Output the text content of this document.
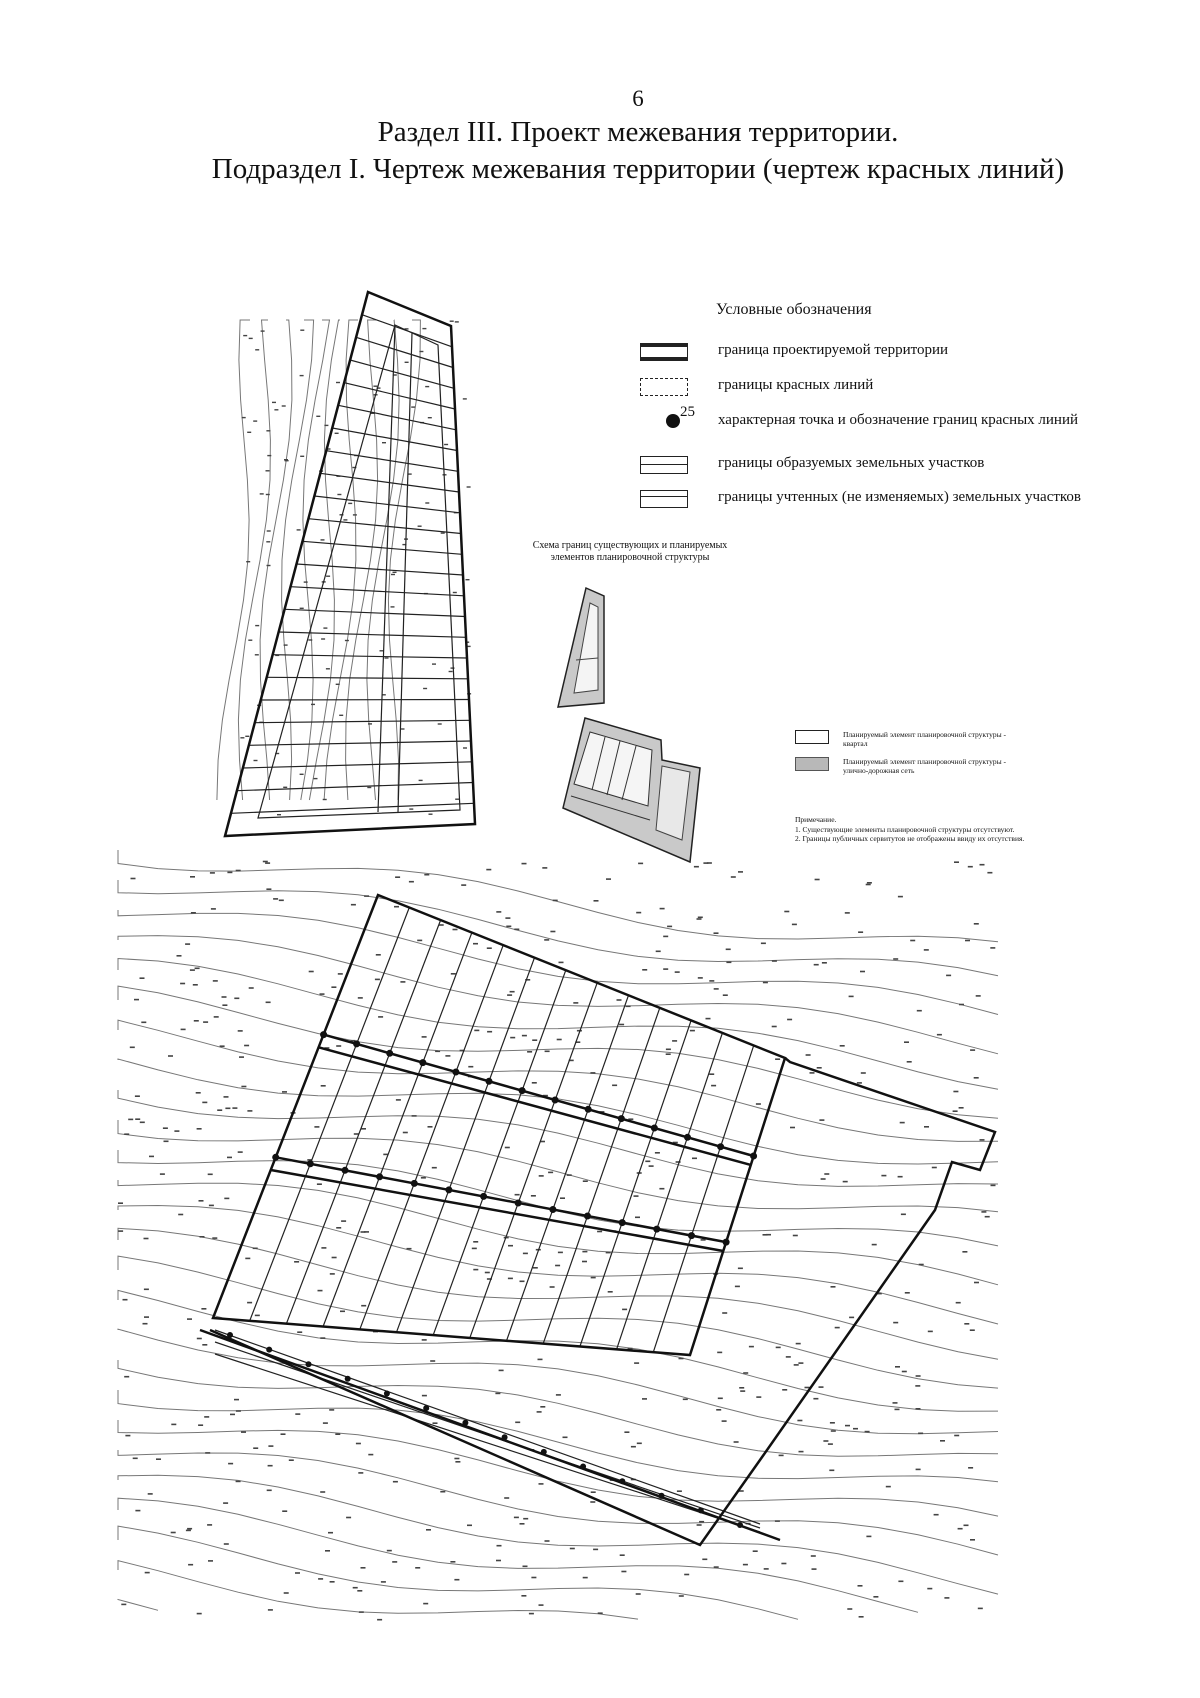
6
Раздел III. Проект межевания территории.
Подраздел I. Чертеж межевания территории (чертеж красных линий)
Условные обозначения
граница проектируемой территории
границы красных линий
25 характерная точка и обозначение границ красных линий
границы образуемых земельных участков
границы учтенных (не изменяемых) земельных участков
Схема границ существующих и планируемых
элементов планировочной структуры
Планируемый элемент планировочной структуры -
квартал
Планируемый элемент планировочной структуры -
улично-дорожная сеть
Примечание.
1. Существующие элементы планировочной структуры отсутствуют.
2. Границы публичных сервитутов не отображены ввиду их отсутствия.
